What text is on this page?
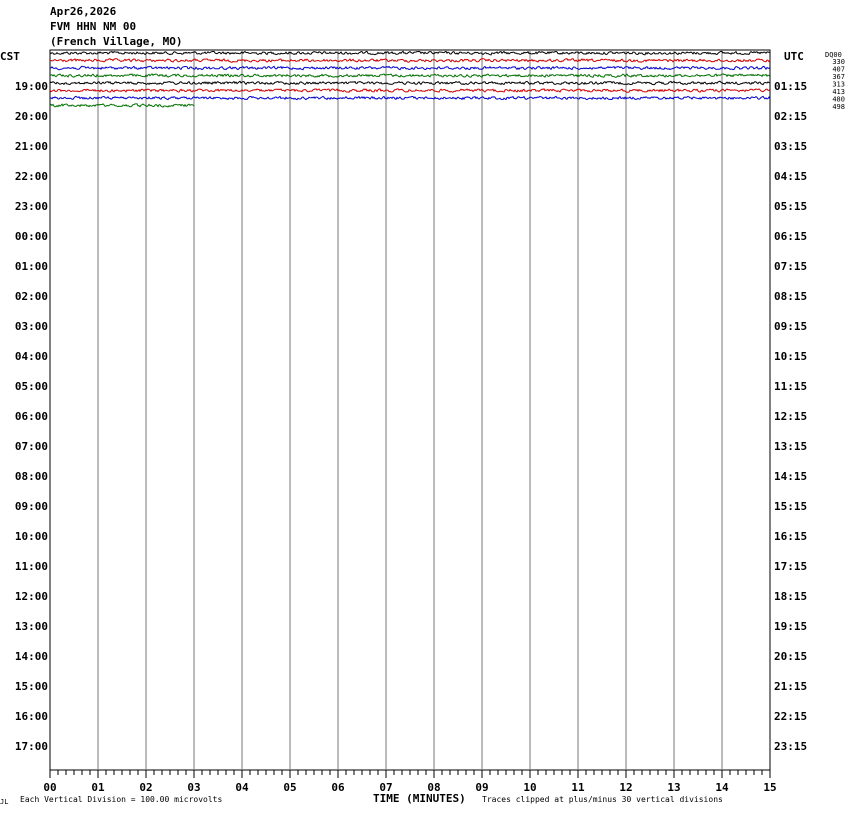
Apr26,2026
FVM HHN NM 00
(French Village, MO)
CST	UTC	DQ00
19:00
20:00
21:00
22:00
23:00
00:00
01:00
02:00
03:00
04:00
05:00
06:00
07:00
08:00
09:00
10:00
11:00
12:00
13:00
14:00
15:00
16:00
17:00
01:15
02:15
03:15
04:15
05:15
06:15
07:15
08:15
09:15
10:15
11:15
12:15
13:15
14:15
15:15
16:15
17:15
18:15
19:15
20:15
21:15
22:15
23:15
330
407
367
313
413
480
498
00	01	02	03	04	05	06	07	08	09	10	11	12	13	14	15
JL Each Vertical Division = 100.00 microvolts	TIME (MINUTES) Traces clipped at plus/minus 30 vertical divisions
